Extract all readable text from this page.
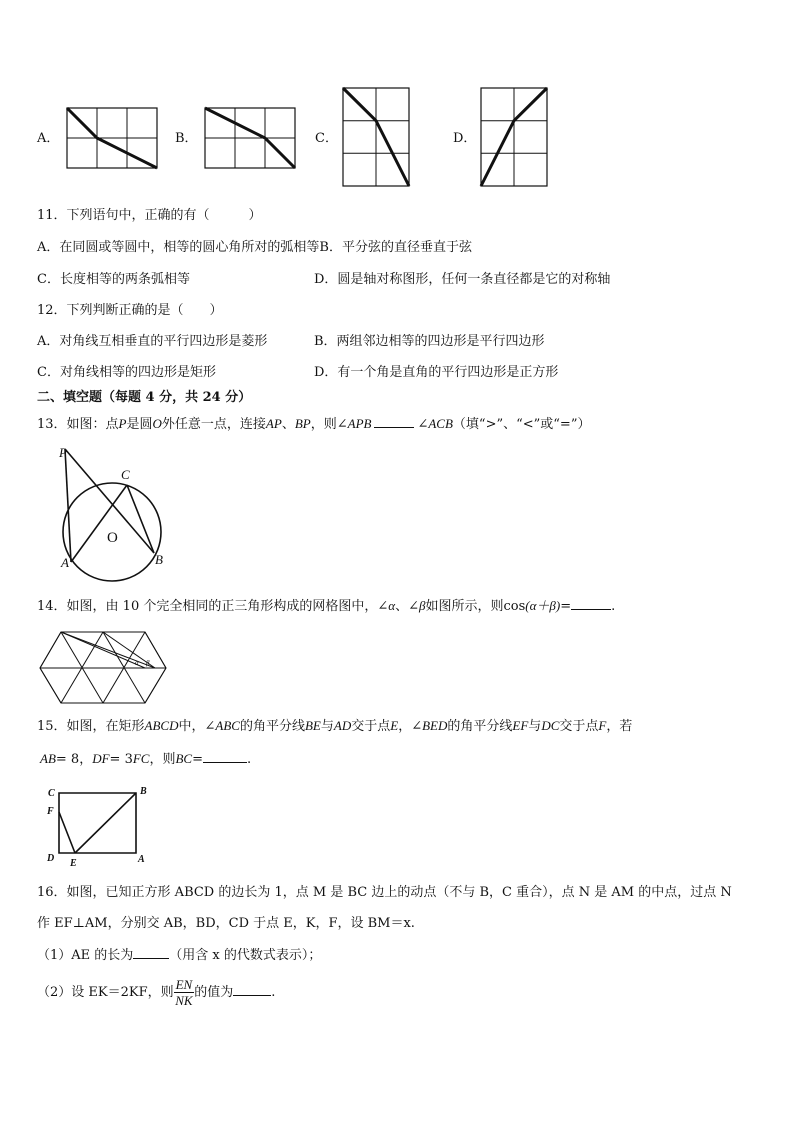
A．	B．	C．	D．
11．下列语句中，正确的有（　　　）
A．在同圆或等圆中，相等的圆心角所对的弧相等B．平分弦的直径垂直于弦
C．长度相等的两条弧相等	D．圆是轴对称图形，任何一条直径都是它的对称轴
12．下列判断正确的是（　　）
A．对角线互相垂直的平行四边形是菱形	B．两组邻边相等的四边形是平行四边形
C．对角线相等的四边形是矩形	D．有一个角是直角的平行四边形是正方形
二、填空题（每题 4 分，共 24 分）
13．如图：点P是圆O外任意一点，连接AP、BP，则∠APB	∠ACB（填“>”、“<”或“=”）
P
C
O
A	B
14．如图，由 10 个完全相同的正三角形构成的网格图中，∠α、∠β如图所示，则cos(α＋β)=	.
α β
15．如图，在矩形ABCD中，∠ABC的角平分线BE与AD交于点E，∠BED的角平分线EF与DC交于点F，若
AB= 8，DF= 3FC，则BC=	.
C	B
F
D E	A
16．如图，已知正方形 ABCD 的边长为 1，点 M 是 BC 边上的动点（不与 B，C 重合），点 N 是 AM 的中点，过点 N
作 EF⊥AM，分别交 AB，BD，CD 于点 E，K，F，设 BM＝x.
（1）AE 的长为	（用含 x 的代数式表示）；
（2）设 EK＝2KF，则 $\frac{EN}{NK}$ 的值为	.
